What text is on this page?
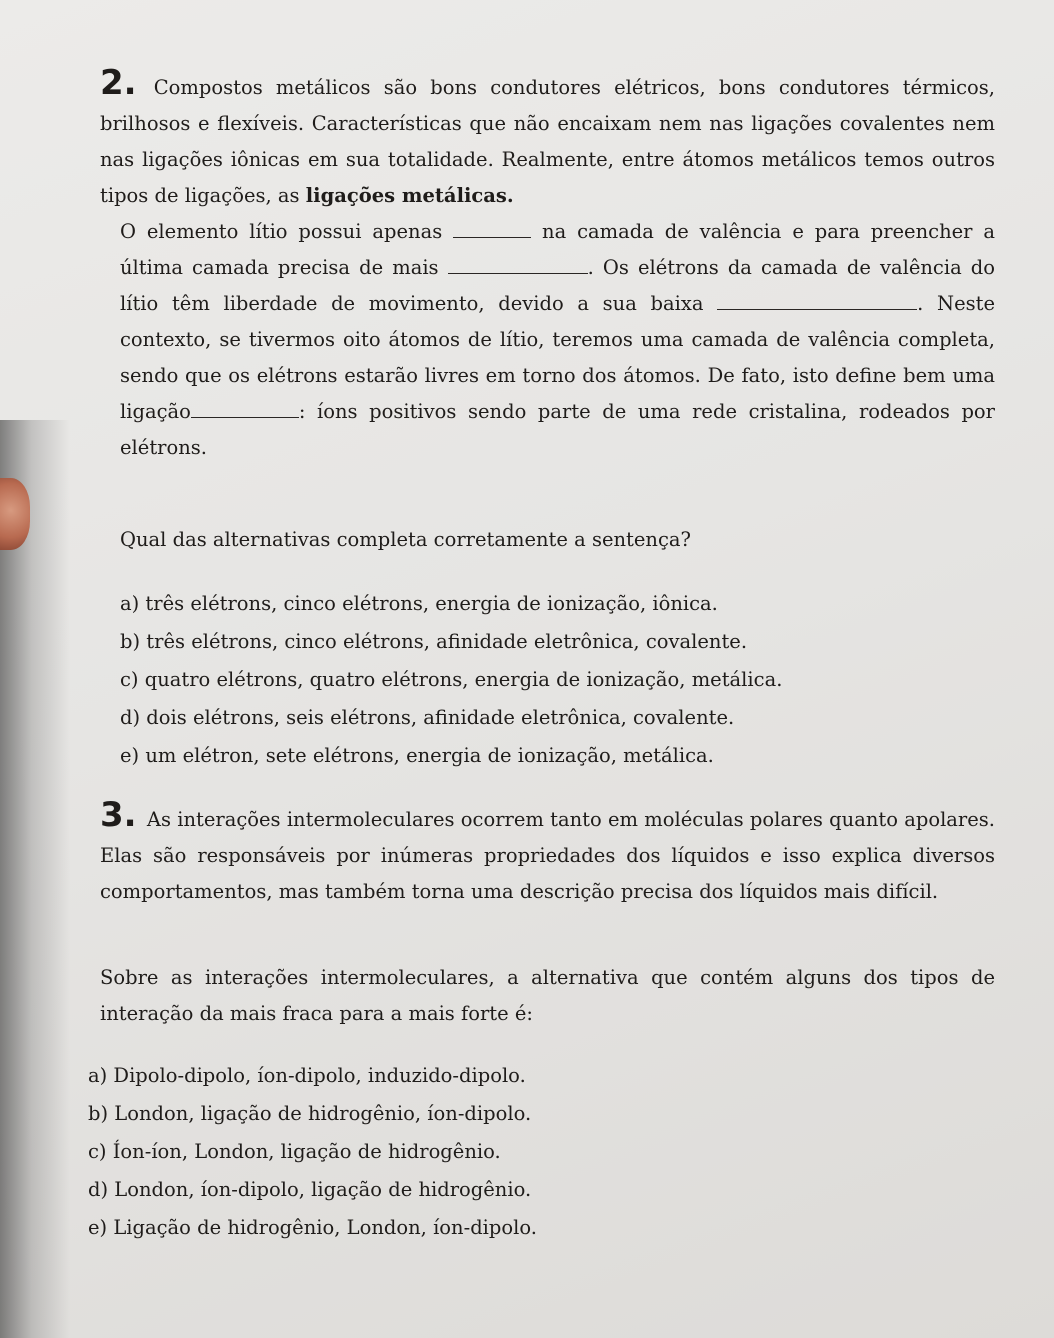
2. Compostos metálicos são bons condutores elétricos, bons condutores térmicos, brilhosos e flexíveis. Características que não encaixam nem nas ligações covalentes nem nas ligações iônicas em sua totalidade. Realmente, entre átomos metálicos temos outros tipos de ligações, as ligações metálicas.

O elemento lítio possui apenas	na camada de valência e para preencher a última camada precisa de mais	. Os elétrons da camada de valência do lítio têm liberdade de movimento, devido a sua baixa	. Neste contexto, se tivermos oito átomos de lítio, teremos uma camada de valência completa, sendo que os elétrons estarão livres em torno dos átomos. De fato, isto define bem uma ligação	: íons positivos sendo parte de uma rede cristalina, rodeados por elétrons.

Qual das alternativas completa corretamente a sentença?

a) três elétrons, cinco elétrons, energia de ionização, iônica.
b) três elétrons, cinco elétrons, afinidade eletrônica, covalente.
c) quatro elétrons, quatro elétrons, energia de ionização, metálica.
d) dois elétrons, seis elétrons, afinidade eletrônica, covalente.
e) um elétron, sete elétrons, energia de ionização, metálica.

3. As interações intermoleculares ocorrem tanto em moléculas polares quanto apolares. Elas são responsáveis por inúmeras propriedades dos líquidos e isso explica diversos comportamentos, mas também torna uma descrição precisa dos líquidos mais difícil.

Sobre as interações intermoleculares, a alternativa que contém alguns dos tipos de interação da mais fraca para a mais forte é:

a) Dipolo-dipolo, íon-dipolo, induzido-dipolo.
b) London, ligação de hidrogênio, íon-dipolo.
c) Íon-íon, London, ligação de hidrogênio.
d) London, íon-dipolo, ligação de hidrogênio.
e) Ligação de hidrogênio, London, íon-dipolo.
